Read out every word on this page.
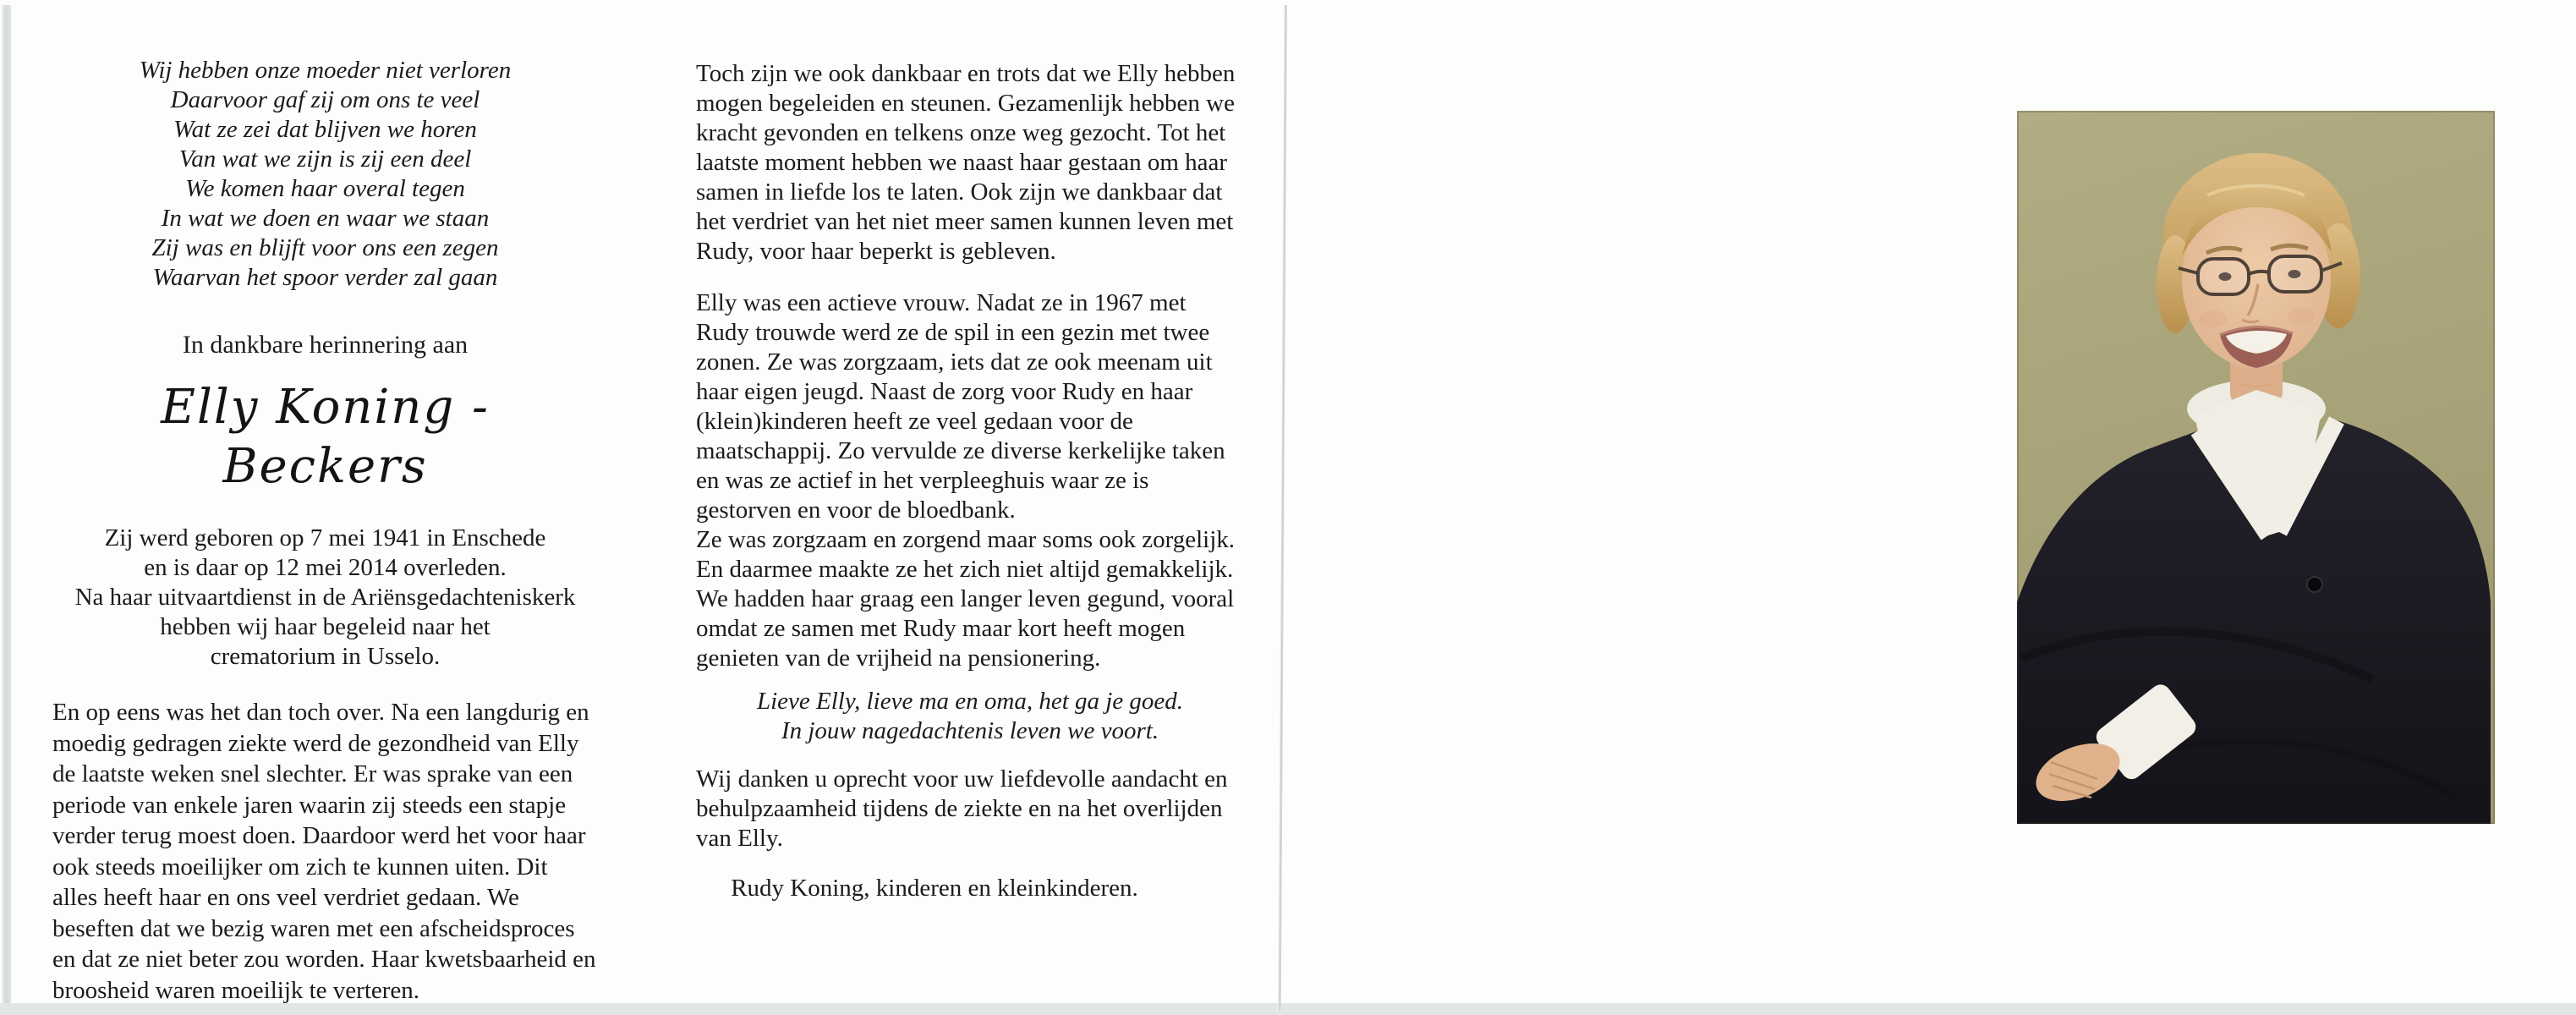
Wij hebben onze moeder niet verloren
Daarvoor gaf zij om ons te veel
Wat ze zei dat blijven we horen
Van wat we zijn is zij een deel
We komen haar overal tegen
In wat we doen en waar we staan
Zij was en blijft voor ons een zegen
Waarvan het spoor verder zal gaan
In dankbare herinnering aan
Elly Koning - Beckers
Zij werd geboren op 7 mei 1941 in Enschede
en is daar op 12 mei 2014 overleden.
Na haar uitvaartdienst in de Ariënsgedachteniskerk
hebben wij haar begeleid naar het
crematorium in Usselo.

En op eens was het dan toch over. Na een langdurig en moedig gedragen ziekte werd de gezondheid van Elly de laatste weken snel slechter. Er was sprake van een periode van enkele jaren waarin zij steeds een stapje verder terug moest doen. Daardoor werd het voor haar ook steeds moeilijker om zich te kunnen uiten. Dit alles heeft haar en ons veel verdriet gedaan. We beseften dat we bezig waren met een afscheidsproces en dat ze niet beter zou worden. Haar kwetsbaarheid en broosheid waren moeilijk te verteren.

Toch zijn we ook dankbaar en trots dat we Elly hebben mogen begeleiden en steunen. Gezamenlijk hebben we kracht gevonden en telkens onze weg gezocht. Tot het laatste moment hebben we naast haar gestaan om haar samen in liefde los te laten. Ook zijn we dankbaar dat het verdriet van het niet meer samen kunnen leven met Rudy, voor haar beperkt is gebleven.

Elly was een actieve vrouw. Nadat ze in 1967 met Rudy trouwde werd ze de spil in een gezin met twee zonen. Ze was zorgzaam, iets dat ze ook meenam uit haar eigen jeugd. Naast de zorg voor Rudy en haar (klein)kinderen heeft ze veel gedaan voor de maatschappij. Zo vervulde ze diverse kerkelijke taken en was ze actief in het verpleeghuis waar ze is gestorven en voor de bloedbank.

Ze was zorgzaam en zorgend maar soms ook zorgelijk. En daarmee maakte ze het zich niet altijd gemakkelijk.

We hadden haar graag een langer leven gegund, vooral omdat ze samen met Rudy maar kort heeft mogen genieten van de vrijheid na pensionering.

Lieve Elly, lieve ma en oma, het ga je goed.
In jouw nagedachtenis leven we voort.

Wij danken u oprecht voor uw liefdevolle aandacht en behulpzaamheid tijdens de ziekte en na het overlijden van Elly.

Rudy Koning, kinderen en kleinkinderen.
